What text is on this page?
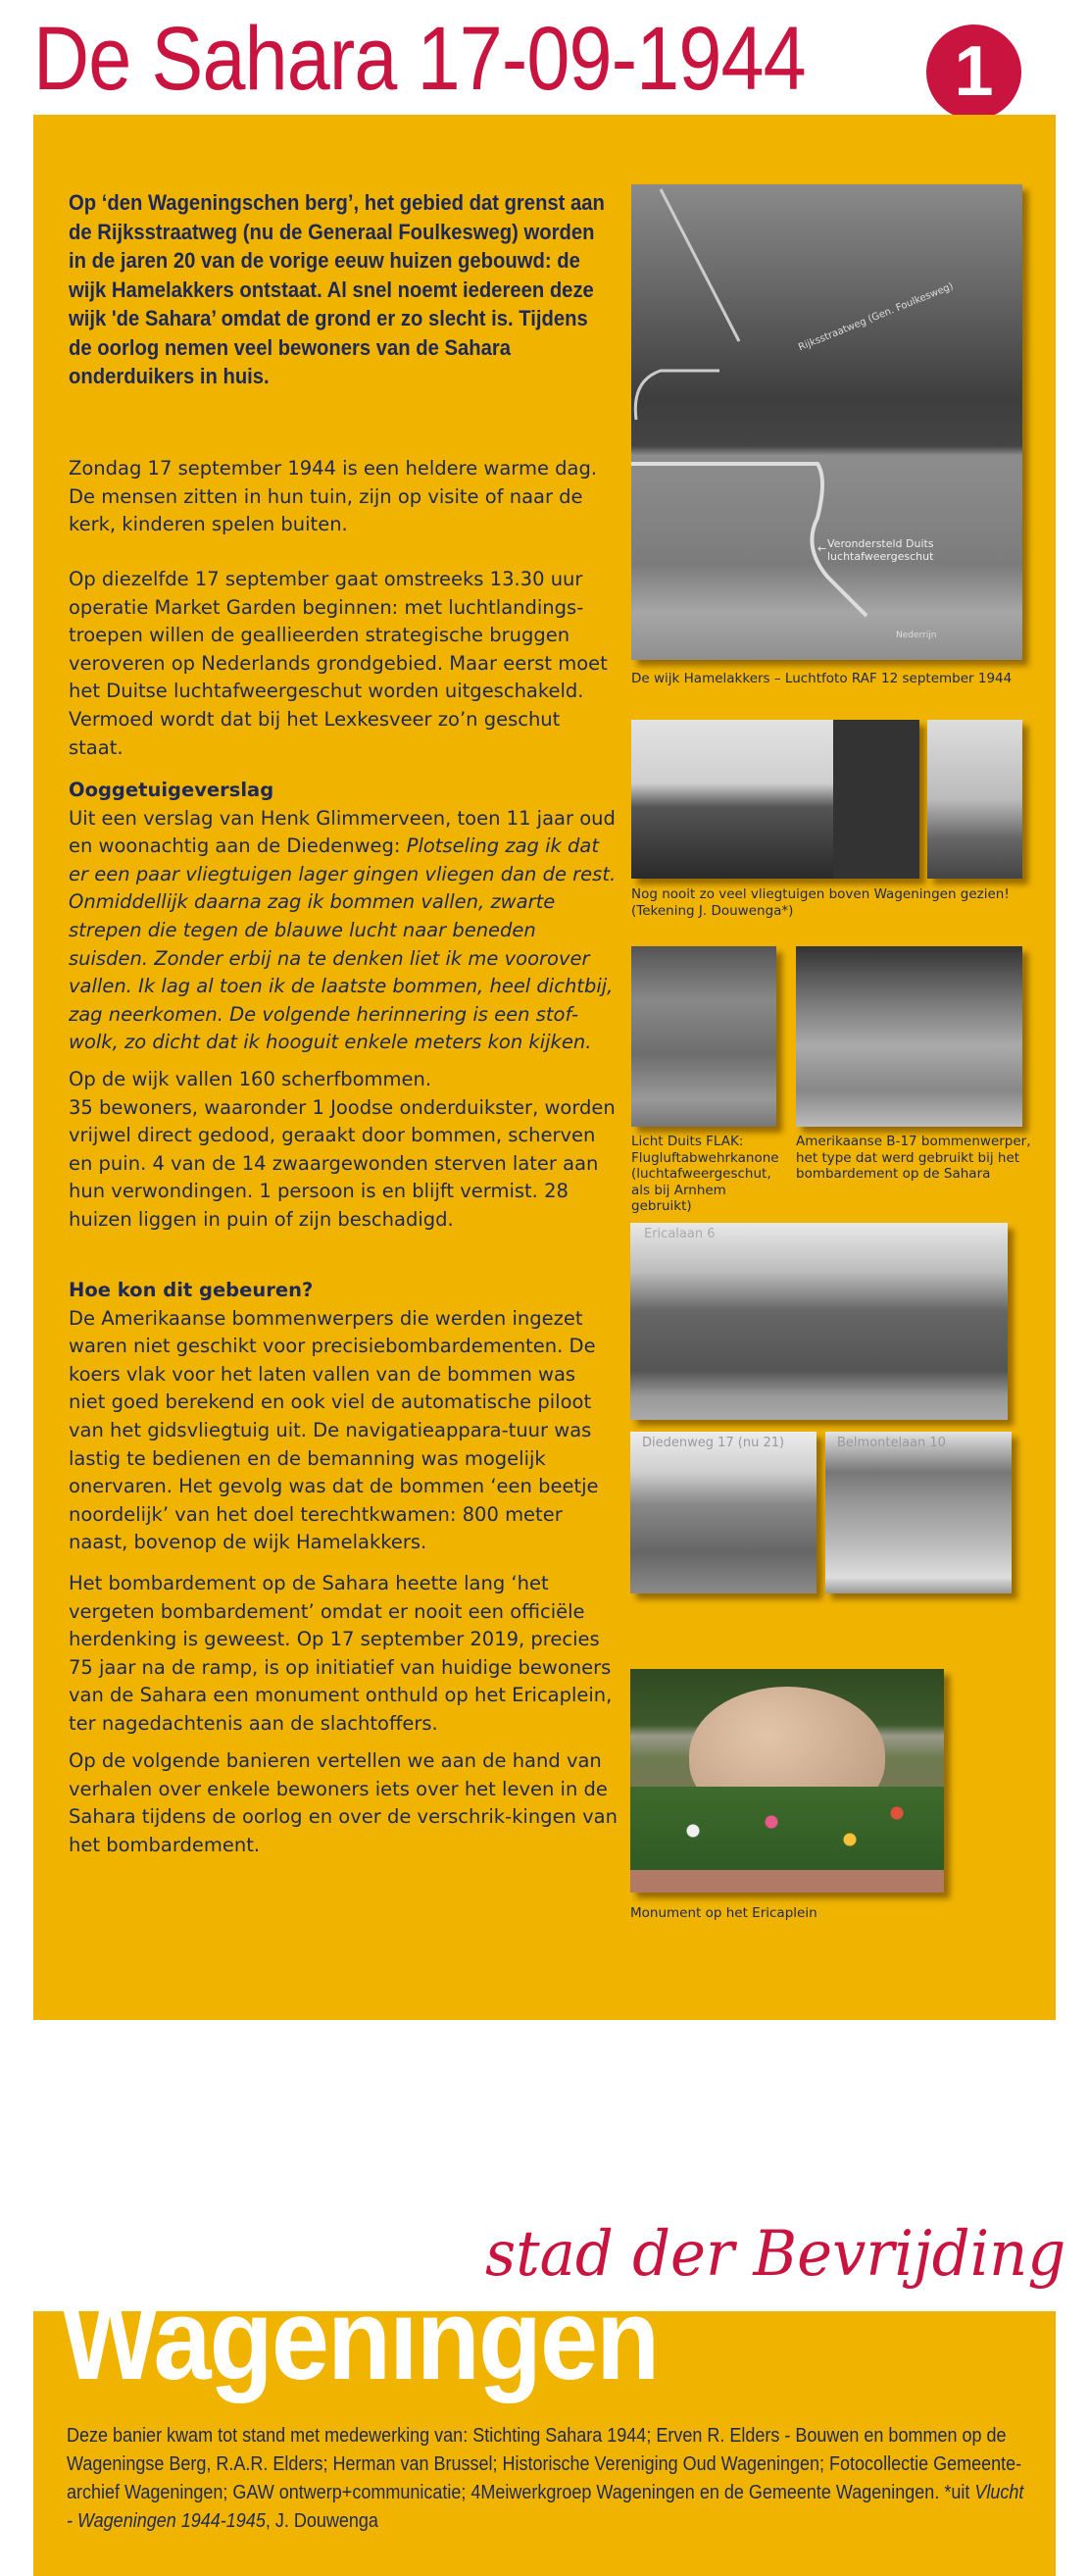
De Sahara 17-09-1944	1
Op ‘den Wageningschen berg’, het gebied dat grenst aan de Rijksstraatweg (nu de Generaal Foulkesweg) worden in de jaren 20 van de vorige eeuw huizen gebouwd: de wijk Hamelakkers ontstaat. Al snel noemt iedereen deze wijk 'de Sahara’ omdat de grond er zo slecht is. Tijdens de oorlog nemen veel bewoners van de Sahara onderduikers in huis.
Zondag 17 september 1944 is een heldere warme dag. De mensen zitten in hun tuin, zijn op visite of naar de kerk, kinderen spelen buiten.
Op diezelfde 17 september gaat omstreeks 13.30 uur operatie Market Garden beginnen: met luchtlandings-troepen willen de geallieerden strategische bruggen veroveren op Nederlands grondgebied. Maar eerst moet het Duitse luchtafweergeschut worden uitgeschakeld. Vermoed wordt dat bij het Lexkesveer zo’n geschut staat.
Ooggetuigeverslag
Uit een verslag van Henk Glimmerveen, toen 11 jaar oud en woonachtig aan de Diedenweg: Plotseling zag ik dat er een paar vliegtuigen lager gingen vliegen dan de rest. Onmiddellijk daarna zag ik bommen vallen, zwarte strepen die tegen de blauwe lucht naar beneden suisden. Zonder erbij na te denken liet ik me voorover vallen. Ik lag al toen ik de laatste bommen, heel dichtbij, zag neerkomen. De volgende herinnering is een stof-wolk, zo dicht dat ik hooguit enkele meters kon kijken.
Op de wijk vallen 160 scherfbommen.
35 bewoners, waaronder 1 Joodse onderduikster, worden vrijwel direct gedood, geraakt door bommen, scherven en puin. 4 van de 14 zwaargewonden sterven later aan hun verwondingen. 1 persoon is en blijft vermist. 28 huizen liggen in puin of zijn beschadigd.
Hoe kon dit gebeuren?
De Amerikaanse bommenwerpers die werden ingezet waren niet geschikt voor precisiebombardementen. De koers vlak voor het laten vallen van de bommen was niet goed berekend en ook viel de automatische piloot van het gidsvliegtuig uit. De navigatieappara-tuur was lastig te bedienen en de bemanning was mogelijk onervaren. Het gevolg was dat de bommen ‘een beetje noordelijk’ van het doel terechtkwamen: 800 meter naast, bovenop de wijk Hamelakkers.
Het bombardement op de Sahara heette lang ‘het vergeten bombardement’ omdat er nooit een officiële herdenking is geweest. Op 17 september 2019, precies 75 jaar na de ramp, is op initiatief van huidige bewoners van de Sahara een monument onthuld op het Ericaplein, ter nagedachtenis aan de slachtoffers.
Op de volgende banieren vertellen we aan de hand van verhalen over enkele bewoners iets over het leven in de Sahara tijdens de oorlog en over de verschrik-kingen van het bombardement.
Rijksstraatweg (Gen. Foulkesweg)
Verondersteld Duits luchtafweergeschut
←
Nederrijn
De wijk Hamelakkers – Luchtfoto RAF 12 september 1944
Nog nooit zo veel vliegtuigen boven Wageningen gezien! (Tekening J. Douwenga*)
Licht Duits FLAK: Flugluftabwehrkanone (luchtafweergeschut, als bij Arnhem gebruikt)
Amerikaanse B-17 bommenwerper, het type dat werd gebruikt bij het bombardement op de Sahara
Ericalaan 6
Diedenweg 17 (nu 21)	Belmontelaan 10
Monument op het Ericaplein
stad der Bevrijding
Wageningen
Deze banier kwam tot stand met medewerking van: Stichting Sahara 1944; Erven R. Elders - Bouwen en bommen op de Wageningse Berg, R.A.R. Elders; Herman van Brussel; Historische Vereniging Oud Wageningen; Fotocollectie Gemeente-archief Wageningen; GAW ontwerp+communicatie; 4Meiwerkgroep Wageningen en de Gemeente Wageningen. *uit Vlucht - Wageningen 1944-1945, J. Douwenga
